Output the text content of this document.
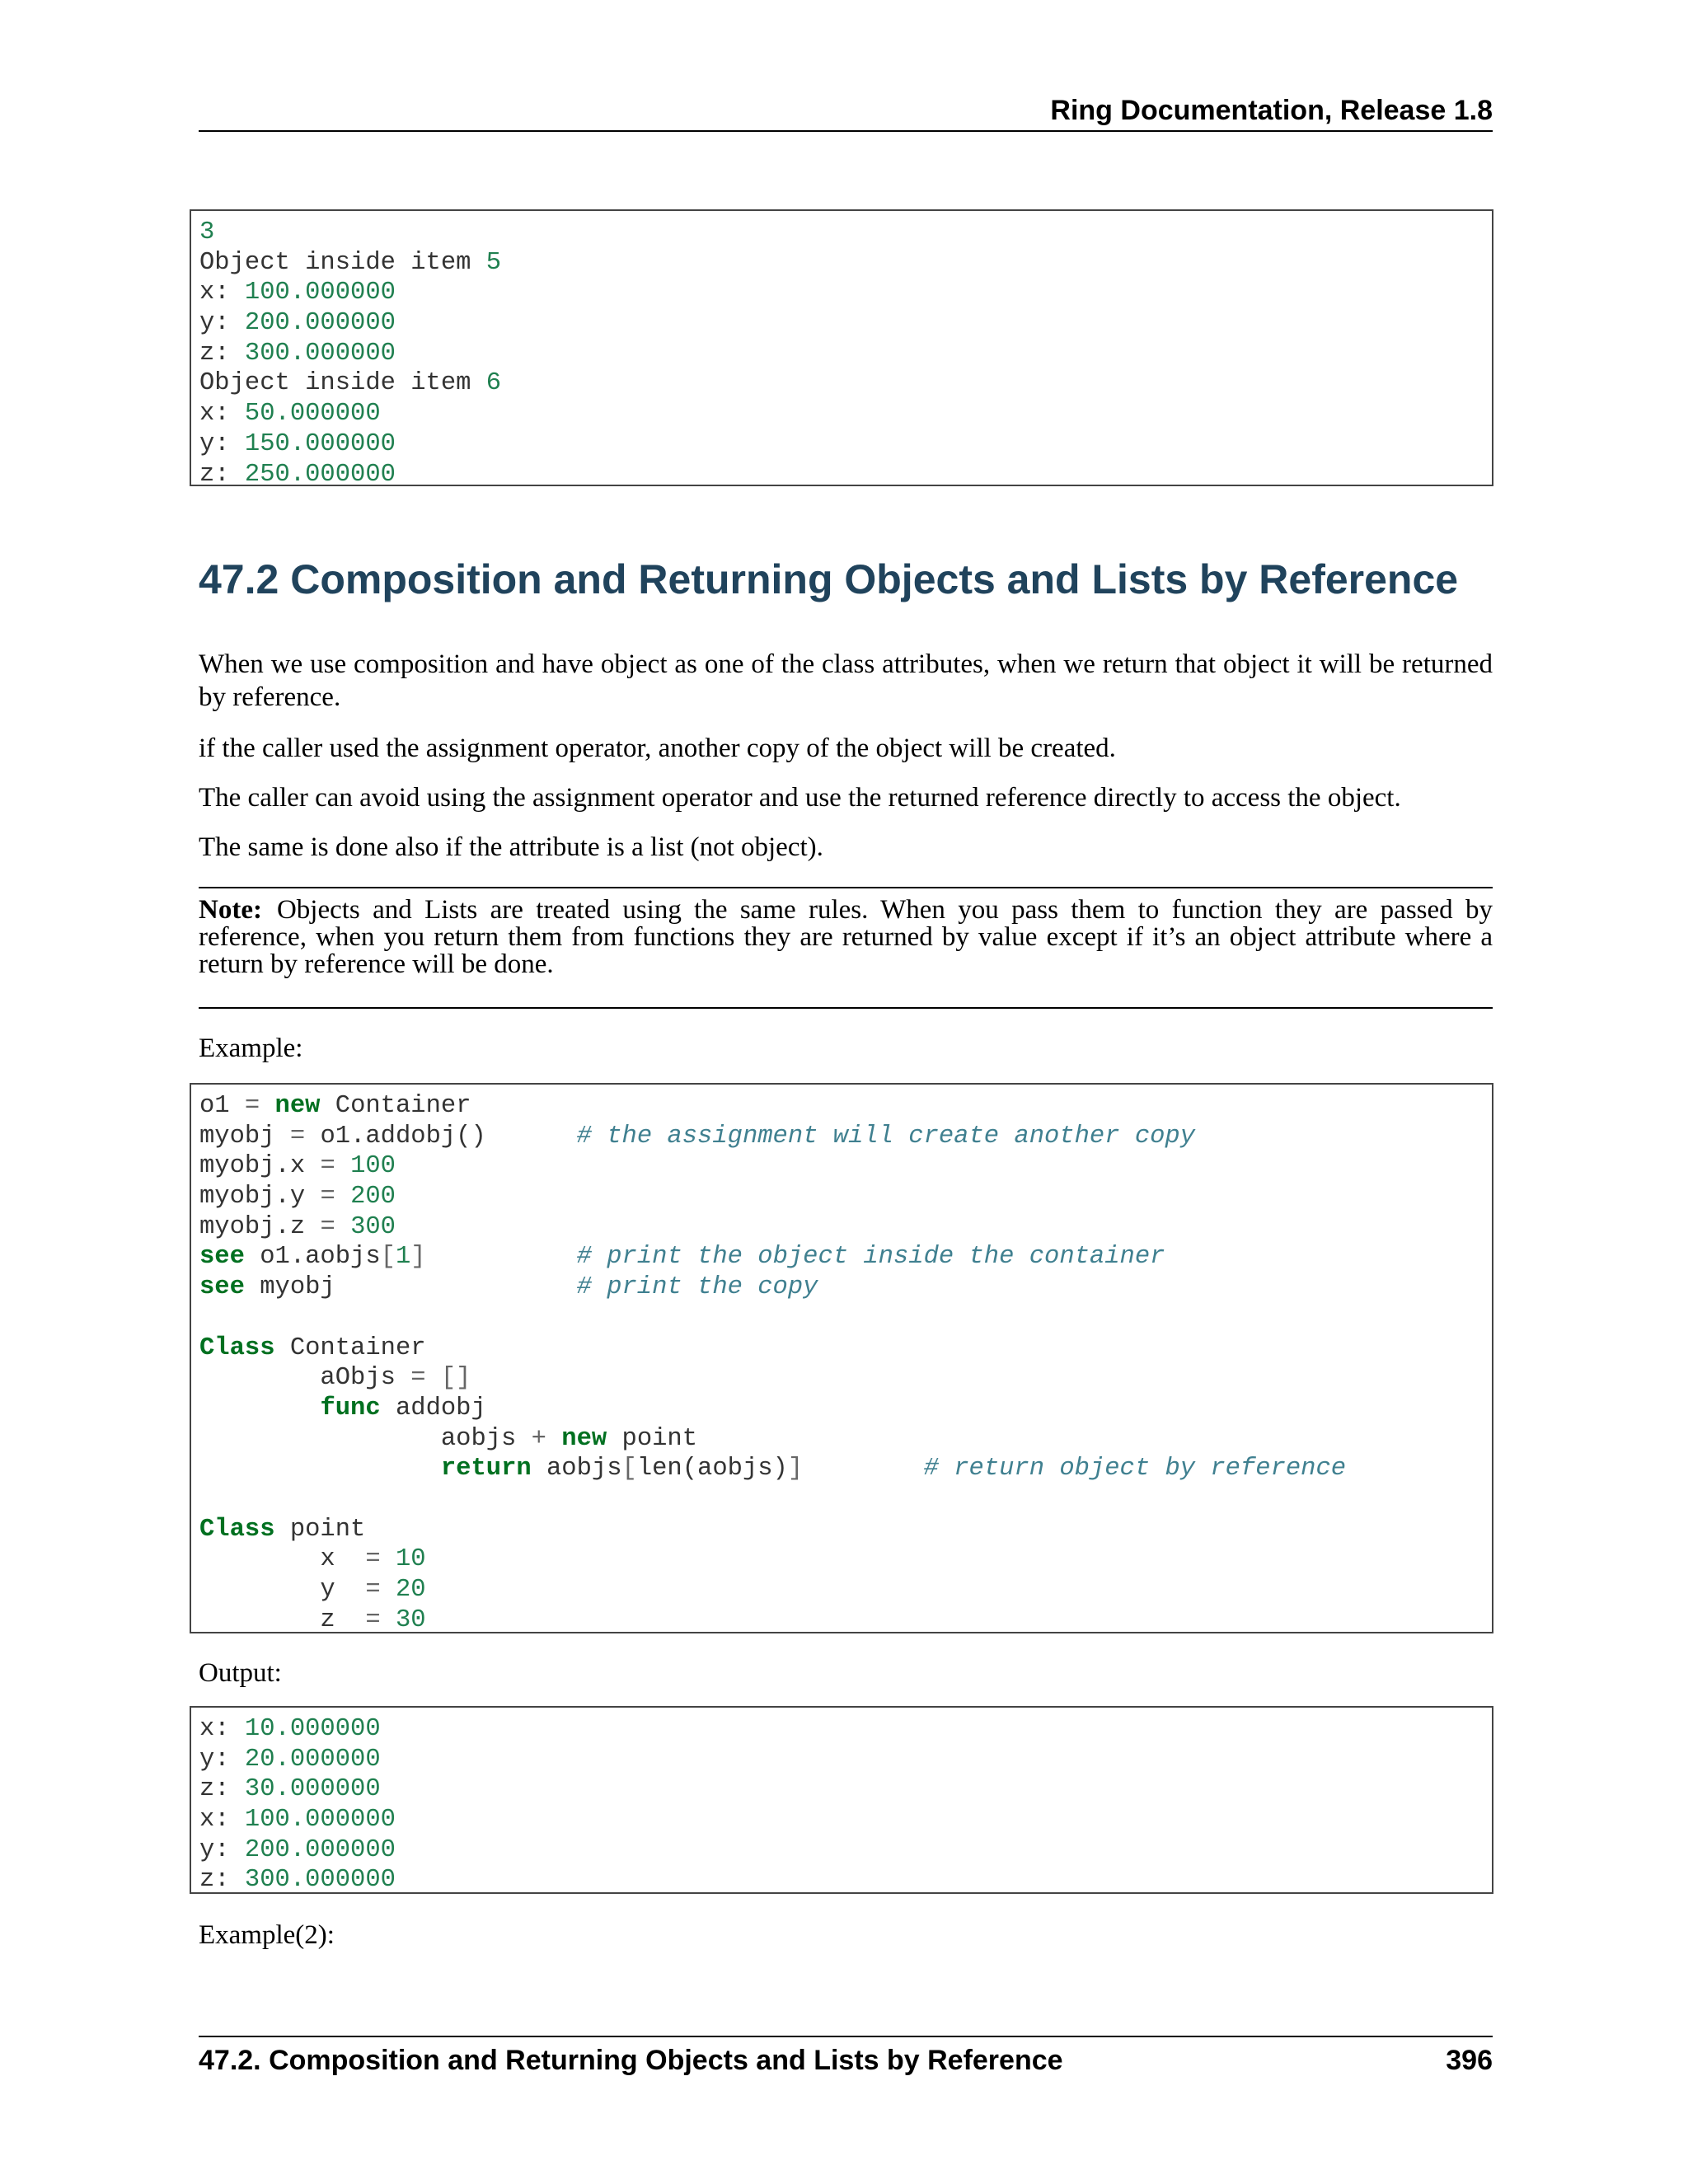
Ring Documentation, Release 1.8
3
Object inside item 5
x: 100.000000
y: 200.000000
z: 300.000000
Object inside item 6
x: 50.000000
y: 150.000000
z: 250.000000
47.2 Composition and Returning Objects and Lists by Reference

When we use composition and have object as one of the class attributes, when we return that object it will be returned by reference.

if the caller used the assignment operator, another copy of the object will be created.

The caller can avoid using the assignment operator and use the returned reference directly to access the object.

The same is done also if the attribute is a list (not object).

Note: Objects and Lists are treated using the same rules. When you pass them to function they are passed by reference, when you return them from functions they are returned by value except if it’s an object attribute where a return by reference will be done.

Example:

o1 = new Container
myobj = o1.addobj()      # the assignment will create another copy
myobj.x = 100
myobj.y = 200
myobj.z = 300
see o1.aobjs[1]	# print the object inside the container
see myobj                # print the copy
Class Container
aObjs = []
func addobj
aobjs + new point
return aobjs[len(aobjs)]	# return object by reference
Class point
x  = 10
y  = 20
z  = 30

Output:

x: 10.000000
y: 20.000000
z: 30.000000
x: 100.000000
y: 200.000000
z: 300.000000

Example(2):

47.2. Composition and Returning Objects and Lists by Reference	396
